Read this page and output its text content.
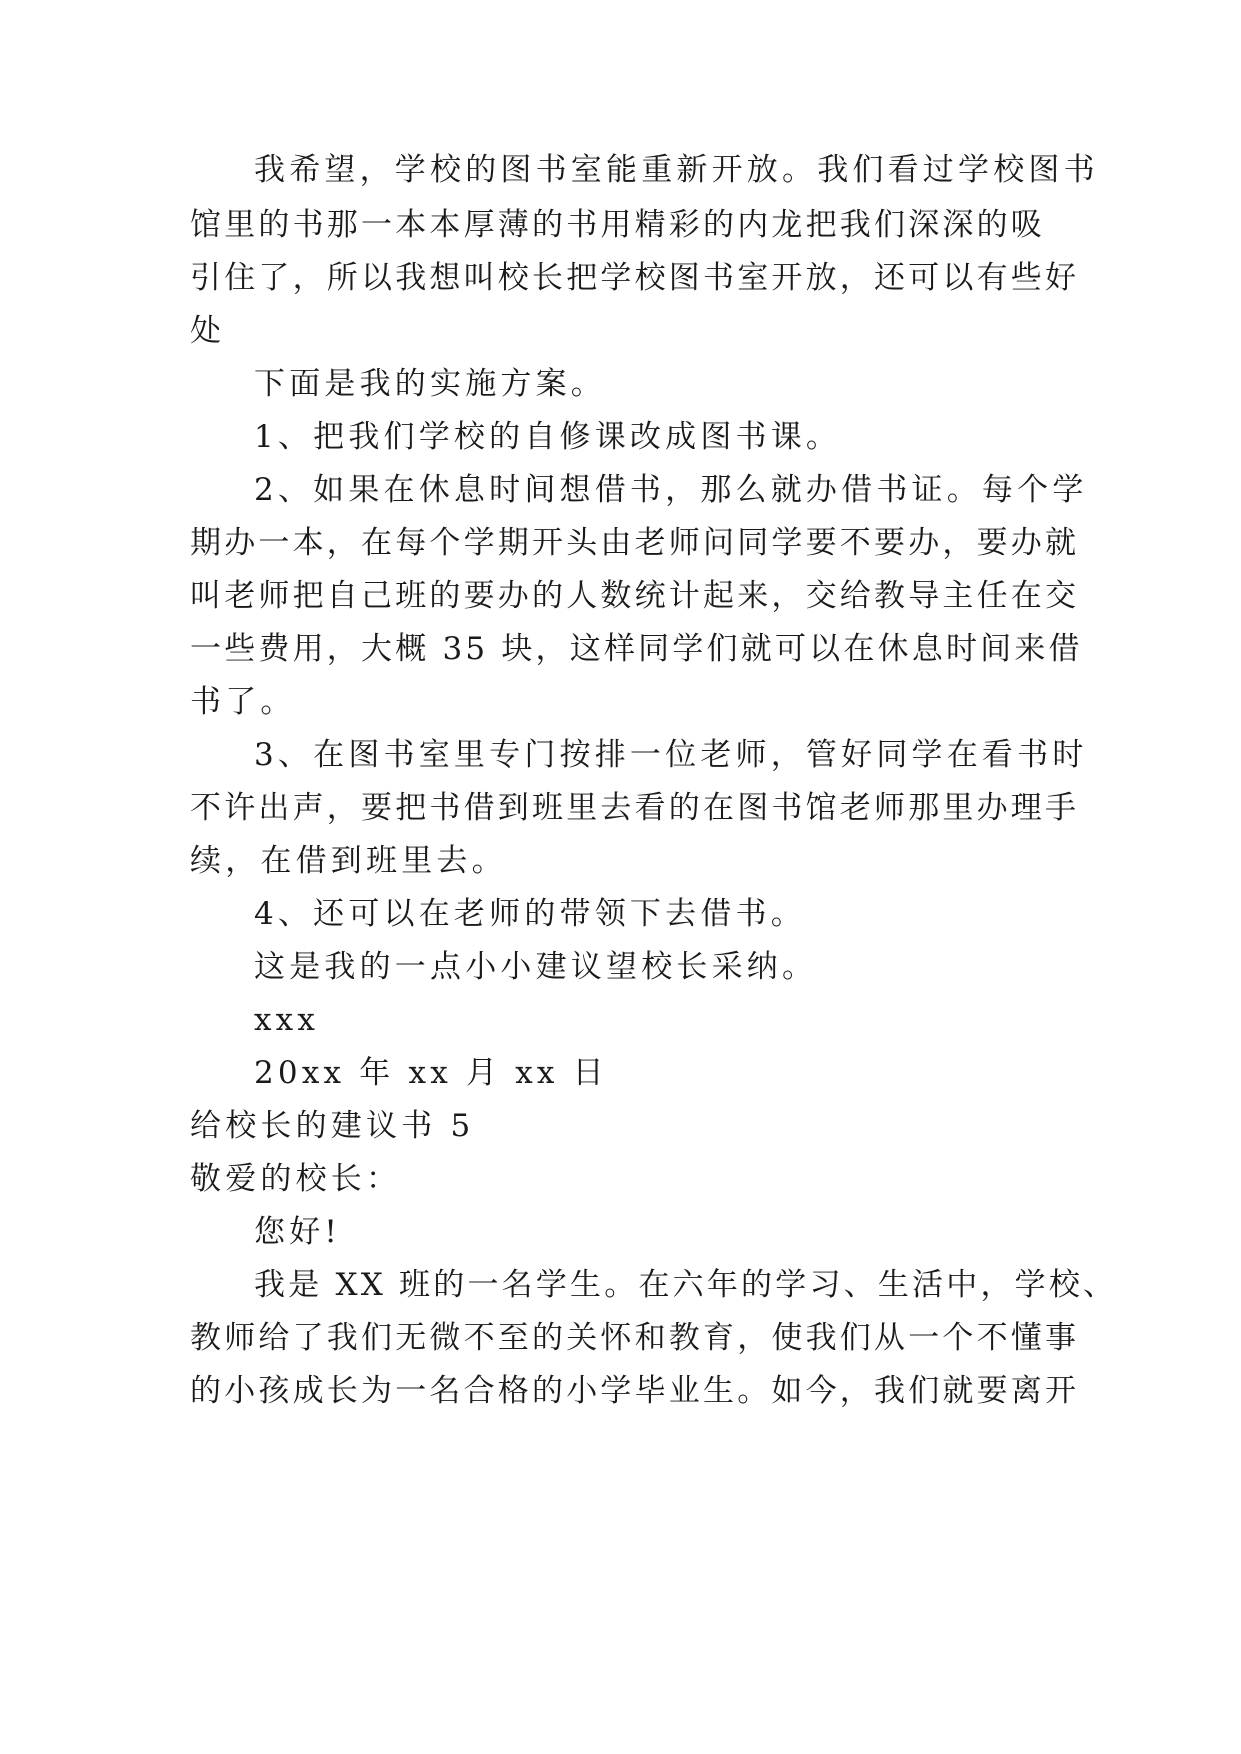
我希望，学校的图书室能重新开放。我们看过学校图书
馆里的书那一本本厚薄的书用精彩的内龙把我们深深的吸
引住了，所以我想叫校长把学校图书室开放，还可以有些好
处
下面是我的实施方案。
1、把我们学校的自修课改成图书课。
2、如果在休息时间想借书，那么就办借书证。每个学
期办一本，在每个学期开头由老师问同学要不要办，要办就
叫老师把自己班的要办的人数统计起来，交给教导主任在交
一些费用，大概 35 块，这样同学们就可以在休息时间来借
书了。
3、在图书室里专门按排一位老师，管好同学在看书时
不许出声，要把书借到班里去看的在图书馆老师那里办理手
续，在借到班里去。
4、还可以在老师的带领下去借书。
这是我的一点小小建议望校长采纳。
xxx
20xx 年 xx 月 xx 日
给校长的建议书 5
敬爱的校长：
您好!
我是 XX 班的一名学生。在六年的学习、生活中，学校、
教师给了我们无微不至的关怀和教育，使我们从一个不懂事
的小孩成长为一名合格的小学毕业生。如今，我们就要离开
